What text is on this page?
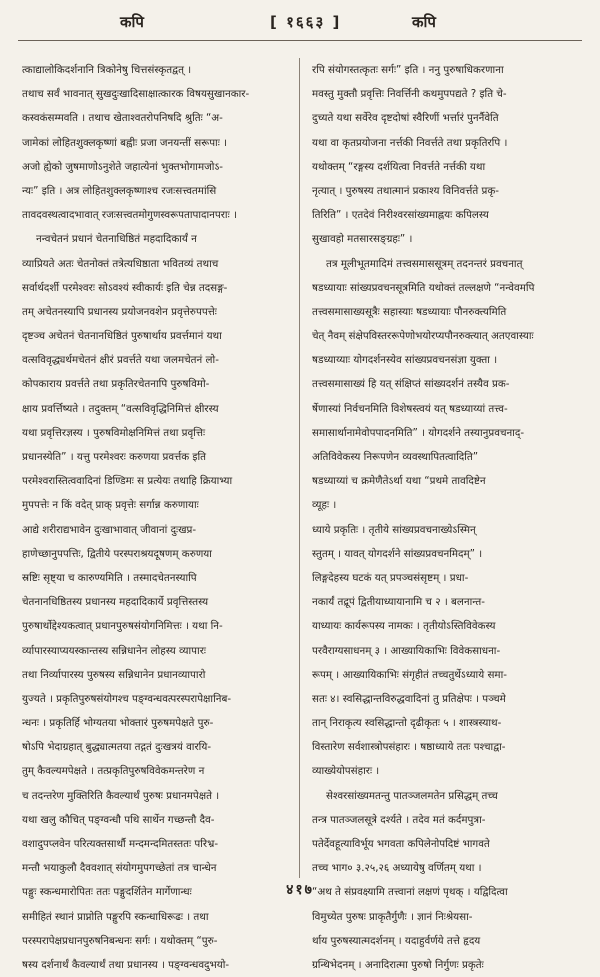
कपि	[ १६६३ ]	कपि
त्काद्यालोकिदर्शनानि त्रिकोनेषु चित्तसंस्कृतद्वत् ।
तथाच सर्वं भावनात् सुखदुःखादिसाक्षात्कारक विषयसुखानकार-
कस्वकंसम्मवति । तथाच खेताश्वतरोपनिषदि श्रुतिः “अ-
जामेकां लोहितशुक्लकृष्णां बह्वीः प्रजा जनयन्तीं सरूपाः ।
अजो ह्येको जुषमाणोऽनुशेते जहात्येनां भुक्तभोगामजोऽ-
न्यः” इति । अत्र लोहितशुक्लकृष्णाश्च रजःसत्त्वतमांसि
तावदवस्थत्वादभावात् रजःसत्त्वतमोगुणस्वरूपतापादानपराः ।
नन्वचेतनं प्रधानं चेतनाधिष्ठितं महदादिकार्यं न
व्याप्रियते अतः चेतनोक्तं तत्रेत्यधिष्ठाता भवितव्यं तथाच
सर्वार्थदर्शी परमेश्वरः सोऽवश्यं स्वीकार्यः इति चेन्न तदसङ्ग-
तम् अचेतनस्यापि प्रधानस्य प्रयोजनवशेन प्रवृत्तेरुपपत्तेः
दृष्टञ्च अचेतनं चेतनानधिष्ठितं पुरुषार्थाय प्रवर्त्तमानं यथा
वत्सविवृद्ध्यर्थमचेतनं क्षीरं प्रवर्त्तते यथा जलमचेतनं लो-
कोपकाराय प्रवर्त्तते तथा प्रकृतिरचेतनापि पुरुषविमो-
क्षाय प्रवर्त्तिष्यते । तदुक्तम् “वत्सविवृद्धिनिमित्तं क्षीरस्य
यथा प्रवृत्तिरज्ञस्य । पुरुषविमोक्षनिमित्तं तथा प्रवृत्तिः
प्रधानस्येति” । यत्तु परमेश्वरः करुणया प्रवर्त्तक इति
परमेश्वरास्तित्ववादिनां डिण्डिमः स प्रत्येयः तथाहि क्रियाभ्या
मुपपत्तेः न किं वदेत् प्राक् प्रवृत्तेः सर्गान्न करुणायाः
आद्ये शरीराद्यभावेन दुःखाभावात् जीवानां दुःखप्र-
हाणेच्छानुपपत्तिः, द्वितीये परस्पराश्रयदूषणम् करुणया
स्रष्टिः सृष्ट्या च कारुण्यमिति । तस्मादचेतनस्यापि
चेतनानधिष्ठितस्य प्रधानस्य महदादिकार्ये प्रवृत्तिस्तस्य
पुरुषार्थोद्देश्यकत्वात् प्रधानपुरुषसंयोगनिमित्तः । यथा नि-
र्व्यापारस्याप्ययस्कान्तस्य सन्निधानेन लोहस्य व्यापारः
तथा निर्व्यापारस्य पुरुषस्य सन्निधानेन प्रधानव्यापारो
युज्यते । प्रकृतिपुरुषसंयोगश्च पङ्ग्वन्धवत्परस्परापेक्षानिब-
न्धनः । प्रकृतिर्हि भोग्यतया भोक्तारं पुरुषमपेक्षते पुरु-
षोऽपि भेदाग्रहात् बुद्ध्यात्मतया तद्गतं दुःखत्रयं वारयि-
तुम् कैवल्यमपेक्षते । तत्प्रकृतिपुरुषविवेकमन्तरेण न
च तदन्तरेण मुक्तिरिति कैवल्यार्थं पुरुषः प्रधानमपेक्षते ।
यथा खलु कौचित् पङ्ग्वन्धौ पथि सार्थेन गच्छन्तौ दैव-
वशादुपप्लवेन परित्यक्तसार्थौ मन्दमन्दमितस्ततः परिभ्र-
मन्तौ भयाकुलौ दैववशात् संयोगमुपगच्छेतां तत्र चान्धेन
पङ्गुः स्कन्धमारोपितः ततः पङ्गुदर्शितेन मार्गेणान्धः
समीहितं स्थानं प्राप्नोति पङ्गुरपि स्कन्धाधिरूढः । तथा
परस्परापेक्षप्रधानपुरुषनिबन्धनः सर्गः । यथोक्तम् “पुरु-
षस्य दर्शनार्थं कैवल्यार्थं तथा प्रधानस्य । पङ्ग्वन्धवदुभयो-
रपि संयोगस्तत्कृतः सर्गः” इति । ननु पुरुषाधिकरणाना
मवस्तु मुक्तौ प्रवृत्तिः निवर्त्तिनी कथमुपपद्यते ? इति चे-
दुच्यते यथा सर्वेरेव दृष्टदोषां स्वैरिणीं भर्त्तारं पुनर्नैवेति
यथा वा कृतप्रयोजना नर्त्तकी निवर्त्तते तथा प्रकृतिरपि ।
यथोक्तम् “रङ्गस्य दर्शयित्वा निवर्त्तते नर्त्तकी यथा
नृत्यात् । पुरुषस्य तथात्मानं प्रकाश्य विनिवर्त्तते प्रकृ-
तिरिति” । एतदेवं निरीश्वरसांख्यमाह्नयः कपिलस्य
सुखावहो मतसारसङ्ग्रहः” ।
तत्र मूलीभूतमादिमं तत्त्वसमाससूत्रम् तदनन्तरं प्रवचनात्
षडध्यायाः सांख्यप्रवचनसूत्रमिति यथोक्तं तल्लक्षणे “नन्वेवमपि
तत्त्वसमासाख्यसूत्रैः सहास्याः षडध्यायाः पौनरुक्त्यमिति
चेत् नैवम् संक्षेपविस्तररूपेणोभयोरप्यपौनरुक्त्यात् अतएवास्याः
षडध्याय्याः योगदर्शनस्येव सांख्यप्रवचनसंज्ञा युक्ता ।
तत्त्वसमासाख्यं हि यत् संक्षिप्तं सांख्यदर्शनं तस्यैव प्रक-
र्षेणास्यां निर्वचनमिति विशेषस्त्वयं यत् षडध्याय्यां तत्त्व-
समासार्थानामेवोपपादनमिति” । योगदर्शने तस्यानुप्रवचनाद्-
अतिविवेकस्य निरूपणेन व्यवस्थापितत्वादिति”
षडध्याय्यां च क्रमेणैतेऽर्था यथा “प्रथमे तावदिष्टेन
व्यूहः ।
ध्याये प्रकृतिः । तृतीये सांख्यप्रवचनाख्येऽस्मिन्
स्तुतम् । यावत् योगदर्शने सांख्यप्रवचनमिदम्” ।
लिङ्गदेहस्य घटकं यत् प्रपञ्चसंसृष्टम् । प्रधा-
नकार्यं तद्रूपं द्वितीयाध्यायानामि च २ । बलनान्त-
याध्यायः कार्यरूपस्य नामकः । तृतीयोऽस्तिविवेकस्य
परवैराग्यसाधनम् ३ । आख्यायिकाभिः विवेकसाधना-
रूपम् । आख्यायिकाभिः संगृहीतं तच्चतुर्थेऽध्याये समा-
सतः ४। स्वसिद्धान्तविरुद्धवादिनां तु प्रतिक्षेपः । पञ्चमे
तान् निराकृत्य स्वसिद्धान्तो दृढीकृतः ५ । शास्त्रस्याथ-
विस्तारेण सर्वशास्त्रोपसंहारः । षष्ठाध्याये ततः पश्चाद्वा-
व्याख्येयोपसंहारः ।
सेश्वरसांख्यमतन्तु पातञ्जलमतेन प्रसिद्धम् तच्च
तन्त्र पातञ्जलसूत्रे दर्श्यते । तदेव मतं कर्दमपुत्रा-
पतेर्देवहूत्याविर्भूय भगवता कपिलेनोपदिष्टं भागवते
तच्च भाग० ३.२५,२६ अध्यायेषु वर्णितम् यथा ।
“अथ ते संप्रवक्ष्यामि तत्त्वानां लक्षणं पृथक् । यद्विदित्वा
विमुच्येत पुरुषः प्राकृतैर्गुणैः । ज्ञानं निःश्रेयसा-
र्थाय पुरुषस्यात्मदर्शनम् । यदाहुर्वर्णये तत्ते हृदय
ग्रन्थिभेदनम् । अनादिरात्मा पुरुषो निर्गुणः प्रकृतेः
४१७
